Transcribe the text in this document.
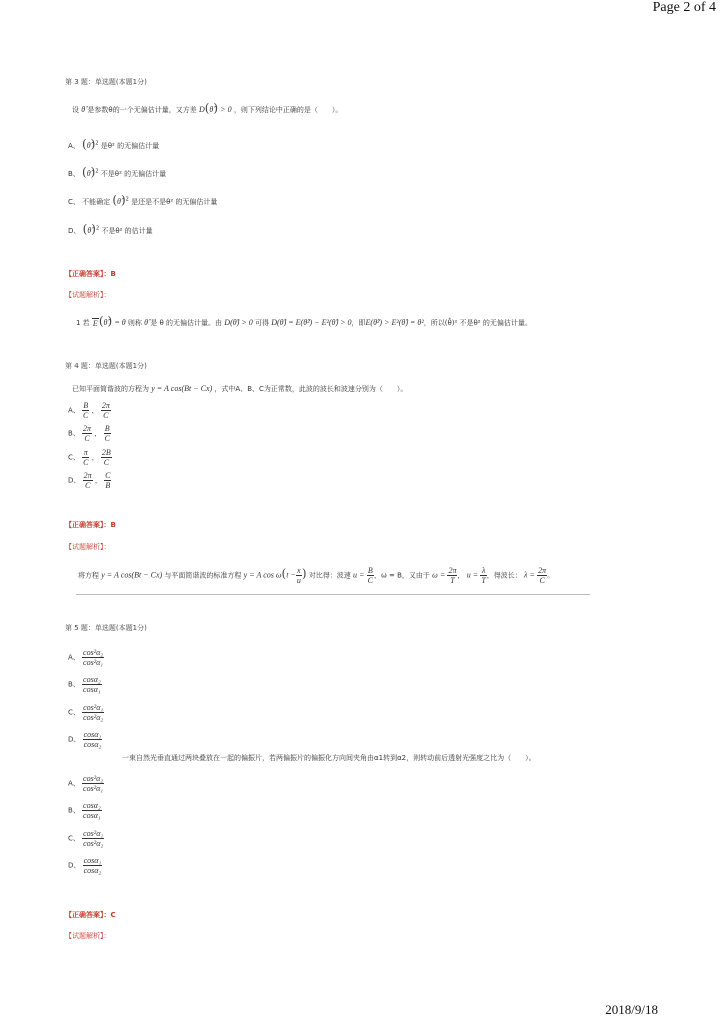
Page 2 of 4
2018/9/18
第 3 题：单选题(本题1分)
设 θ̂ 是参数θ的一个无偏估计量，又方差 D(θ̂) > 0 ，则下列结论中正确的是（　　）。
A、 (θ̂)$^2$ 是θ² 的无偏估计量
B、 (θ̂)$^2$ 不是θ² 的无偏估计量
C、 不能确定 (θ̂)$^2$ 是还是不是θ² 的无偏估计量
D、 (θ̂)$^2$ 不是θ² 的估计量
【正确答案】：B
【试题解析】：
1 若 E (θ̂) = θ 则称 θ̂ 是 θ 的无偏估计量。由 D(θ̂) > 0 可得 D(θ̂) = E(θ̂²) − E²(θ̂) > 0，即E(θ̂²) > E²(θ̂) = θ²，所以(θ̂)² 不是θ² 的无偏估计量。
第 4 题：单选题(本题1分)
已知平面简谐波的方程为 y = A cos(Bt − Cx) ，式中A、B、C为正常数，此波的波长和波速分别为（　　）。
A、 $\frac{B}{C}$ ， $\frac{2\pi}{C}$
B、 $\frac{2\pi}{C}$ ， $\frac{B}{C}$
C、 $\frac{\pi}{C}$ ， $\frac{2B}{C}$
D、 $\frac{2\pi}{C}$ ， $\frac{C}{B}$
【正确答案】：B
【试题解析】：
将方程 y = A cos(Bt − Cx) 与平面简谐波的标准方程 y = A $\cos \omega(t - \frac{x}{u}$ ) 对比得：波速 $u = \frac{B}{C}$ ，ω = B，又由于 $\omega = \frac{2\pi}{T}$ ， $u = \frac{\lambda}{T}$ ，得波长： $\lambda = \frac{2\pi}{C}$ 。
第 5 题：单选题(本题1分)
A、 $\frac{\text{cos²α₂}}{\text{cos²α₁}}$
B、 $\frac{\text{cosα₂}}{\text{cosα₁}}$
C、 $\frac{\text{cos²α₁}}{\text{cos²α₂}}$
D、 $\frac{\text{cosα₁}}{\text{cosα₂}}$
一束自然光垂直通过两块叠放在一起的偏振片，若两偏振片的偏振化方向间夹角由α1转到α2，则转动前后透射光强度之比为（　　）。
A、 $\frac{\text{cos²α₂}}{\text{cos²α₁}}$
B、 $\frac{\text{cosα₂}}{\text{cosα₁}}$
C、 $\frac{\text{cos²α₁}}{\text{cos²α₂}}$
D、 $\frac{\text{cosα₁}}{\text{cosα₂}}$
【正确答案】：C
【试题解析】：
